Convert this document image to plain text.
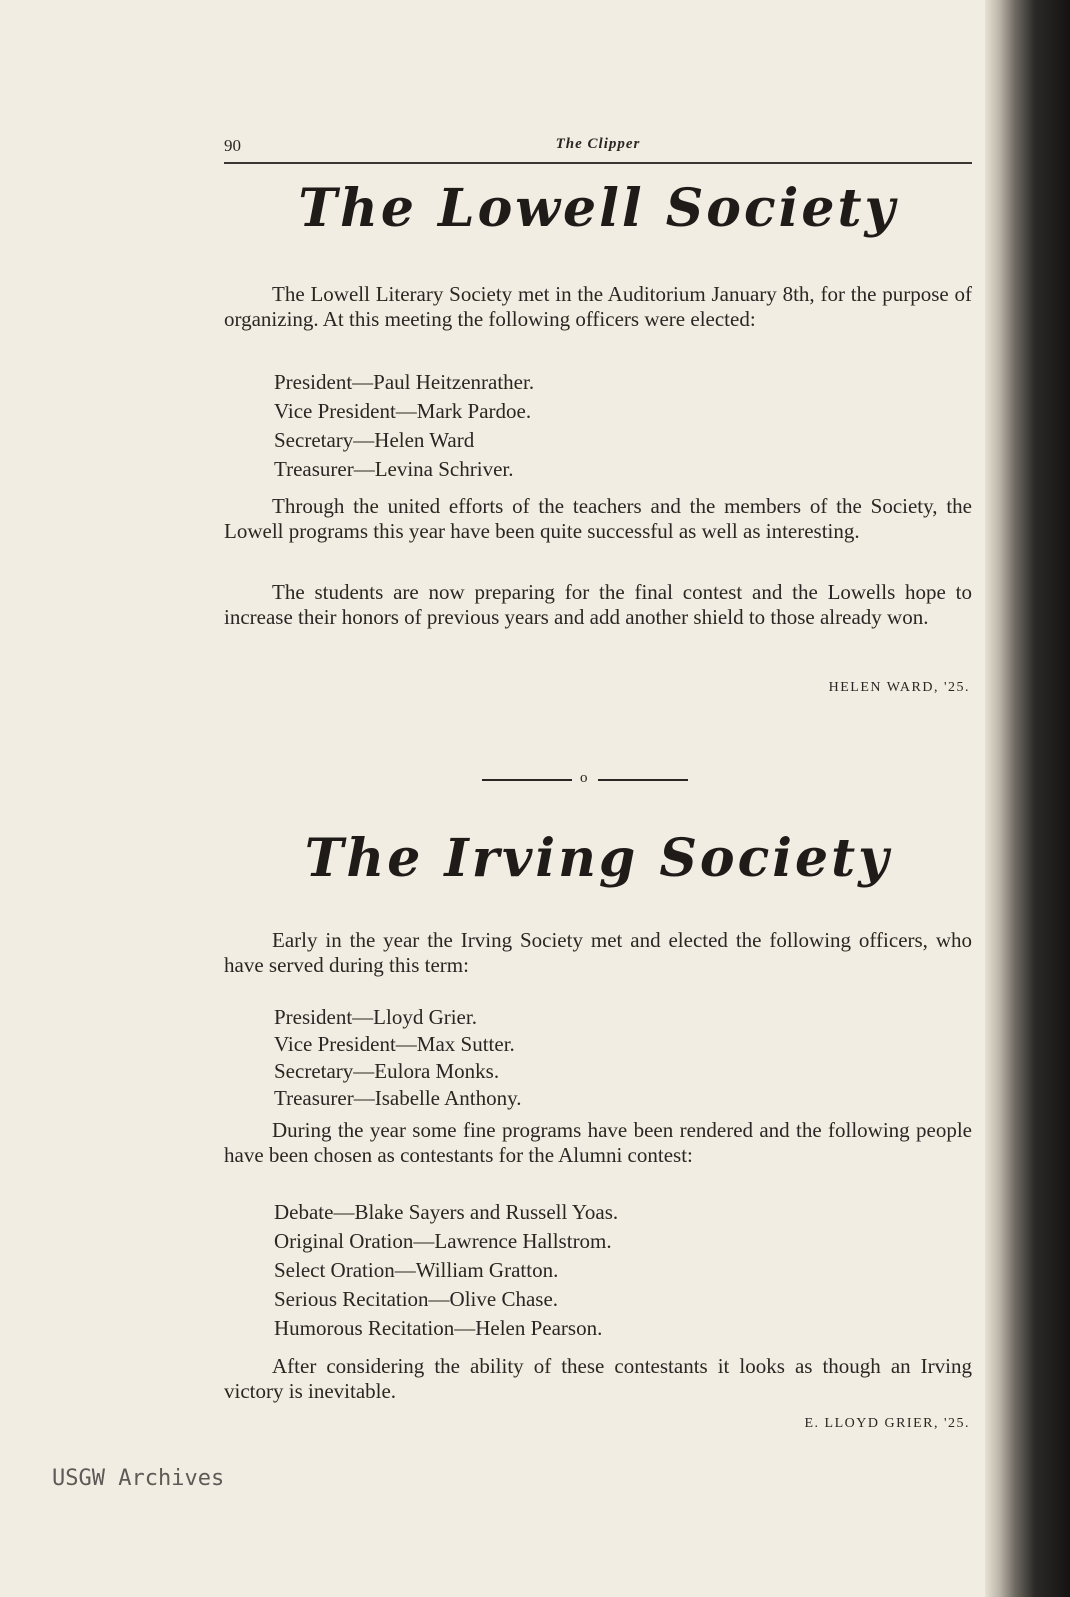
90	The Clipper
The Lowell Society

The Lowell Literary Society met in the Auditorium January 8th, for the purpose of organizing. At this meeting the following officers were elected:

President—Paul Heitzenrather.
Vice President—Mark Pardoe.
Secretary—Helen Ward
Treasurer—Levina Schriver.

Through the united efforts of the teachers and the members of the Society, the Lowell programs this year have been quite successful as well as interesting.

The students are now preparing for the final contest and the Lowells hope to increase their honors of previous years and add another shield to those already won.

HELEN WARD, '25.
o
The Irving Society

Early in the year the Irving Society met and elected the following officers, who have served during this term:

President—Lloyd Grier.
Vice President—Max Sutter.
Secretary—Eulora Monks.
Treasurer—Isabelle Anthony.

During the year some fine programs have been rendered and the following people have been chosen as contestants for the Alumni contest:

Debate—Blake Sayers and Russell Yoas.
Original Oration—Lawrence Hallstrom.
Select Oration—William Gratton.
Serious Recitation—Olive Chase.
Humorous Recitation—Helen Pearson.

After considering the ability of these contestants it looks as though an Irving victory is inevitable.

E. LLOYD GRIER, '25.
USGW Archives
